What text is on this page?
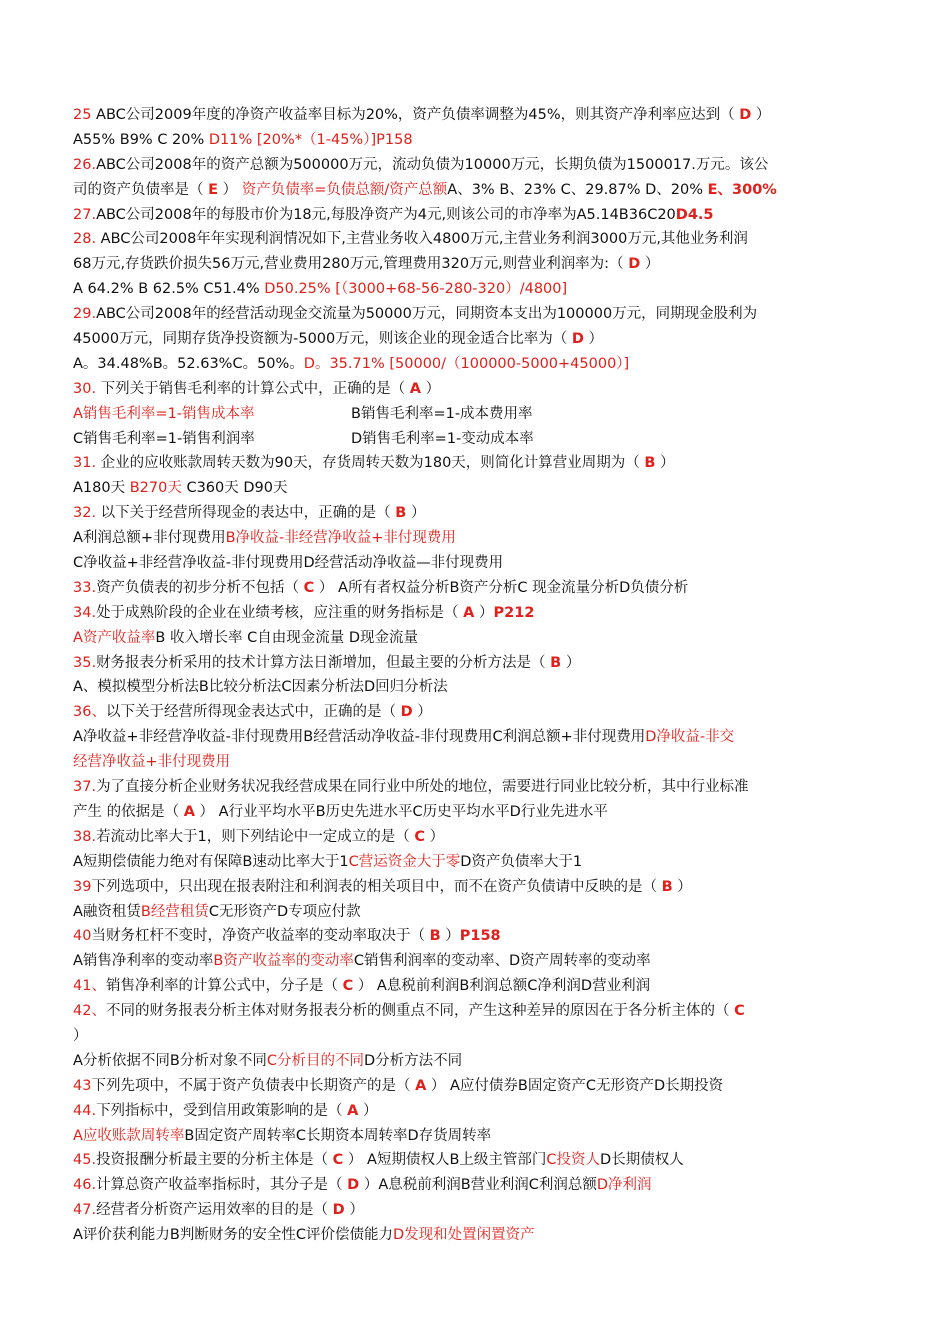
25 ABC公司2009年度的净资产收益率目标为20%，资产负债率调整为45%，则其资产净利率应达到（ D ）
A55% B9% C 20% D11% [20%*（1-45%）]P158
26.ABC公司2008年的资产总额为500000万元，流动负债为10000万元，长期负债为1500017.万元。该公
司的资产负债率是（ E ） 资产负债率=负债总额/资产总额A、3% B、23% C、29.87% D、20% E、300%
27.ABC公司2008年的每股市价为18元,每股净资产为4元,则该公司的市净率为A5.14B36C20D4.5
28. ABC公司2008年年实现利润情况如下,主营业务收入4800万元,主营业务利润3000万元,其他业务利润
68万元,存货跌价损失56万元,营业费用280万元,管理费用320万元,则营业利润率为:（ D ）
A 64.2% B 62.5% C51.4% D50.25% [（3000+68-56-280-320）/4800]
29.ABC公司2008年的经营活动现金交流量为50000万元，同期资本支出为100000万元，同期现金股利为
45000万元，同期存货净投资额为-5000万元，则该企业的现金适合比率为（ D ）
A。34.48%B。52.63%C。50%。D。35.71% [50000/（100000-5000+45000）]
30. 下列关于销售毛利率的计算公式中，正确的是（ A ）
A销售毛利率=1-销售成本率	B销售毛利率=1-成本费用率
C销售毛利率=1-销售利润率	D销售毛利率=1-变动成本率
31. 企业的应收账款周转天数为90天，存货周转天数为180天，则简化计算营业周期为（ B ）
A180天 B270天 C360天 D90天
32. 以下关于经营所得现金的表达中，正确的是（ B ）
A利润总额+非付现费用B净收益-非经营净收益+非付现费用
C净收益+非经营净收益-非付现费用D经营活动净收益—非付现费用
33.资产负债表的初步分析不包括（ C ） A所有者权益分析B资产分析C 现金流量分析D负债分析
34.处于成熟阶段的企业在业绩考核，应注重的财务指标是（ A ）P212
A资产收益率B 收入增长率 C自由现金流量 D现金流量
35.财务报表分析采用的技术计算方法日渐增加，但最主要的分析方法是（ B ）
A、模拟模型分析法B比较分析法C因素分析法D回归分析法
36、以下关于经营所得现金表达式中，正确的是（ D ）
A净收益+非经营净收益-非付现费用B经营活动净收益-非付现费用C利润总额+非付现费用D净收益-非交
经营净收益+非付现费用
37.为了直接分析企业财务状况我经营成果在同行业中所处的地位，需要进行同业比较分析，其中行业标准
产生 的依据是（ A ） A行业平均水平B历史先进水平C历史平均水平D行业先进水平
38.若流动比率大于1，则下列结论中一定成立的是（ C ）
A短期偿债能力绝对有保障B速动比率大于1C营运资金大于零D资产负债率大于1
39下列选项中，只出现在报表附注和利润表的相关项目中，而不在资产负债请中反映的是（ B ）
A融资租赁B经营租赁C无形资产D专项应付款
40当财务杠杆不变时，净资产收益率的变动率取决于（ B ）P158
A销售净利率的变动率B资产收益率的变动率C销售利润率的变动率、D资产周转率的变动率
41、销售净利率的计算公式中，分子是（ C ） A息税前利润B利润总额C净利润D营业利润
42、不同的财务报表分析主体对财务报表分析的侧重点不同，产生这种差异的原因在于各分析主体的（ C
）
A分析依据不同B分析对象不同C分析目的不同D分析方法不同
43下列先项中，不属于资产负债表中长期资产的是（ A ） A应付债券B固定资产C无形资产D长期投资
44.下列指标中，受到信用政策影响的是（ A ）
A应收账款周转率B固定资产周转率C长期资本周转率D存货周转率
45.投资报酬分析最主要的分析主体是（ C ） A短期债权人B上级主管部门C投资人D长期债权人
46.计算总资产收益率指标时，其分子是（ D ）A息税前利润B营业利润C利润总额D净利润
47.经营者分析资产运用效率的目的是（ D ）
A评价获利能力B判断财务的安全性C评价偿债能力D发现和处置闲置资产
